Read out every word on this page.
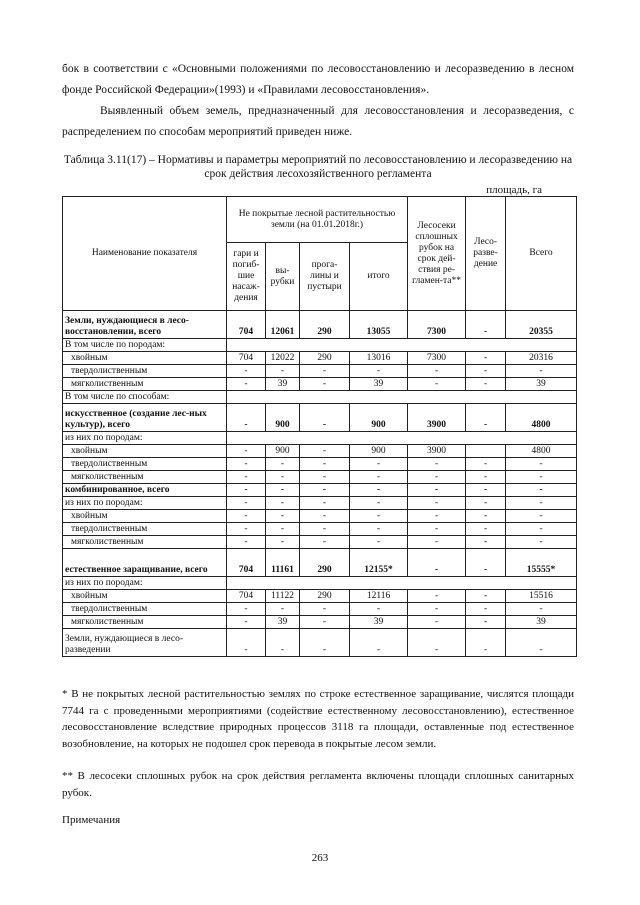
бок в соответствии с «Основными положениями по лесовосстановлению и лесоразведению в лесном фонде Российской Федерации»(1993) и «Правилами лесовосстановления».

Выявленный объем земель, предназначенный для лесовосстановления и лесоразведения, с распределением по способам мероприятий приведен ниже.

Таблица 3.11(17) – Нормативы и параметры мероприятий по лесовосстановлению и лесоразведению на срок действия лесохозяйственного регламента

площадь, га
Наименование показателя	Не покрытые лесной растительностью земли (на 01.01.2018г.)				Лесосеки сплошных рубок на срок дей-ствия ре-гламен-та**	Лесо-разве-дение	Всего
	гари и погиб-шие насаж-дения	вы-рубки	прога-лины и пустыри	итого			
Земли, нуждающиеся в лесо-восстановлении, всего	704	12061	290	13055	7300	-	20355
В том числе по породам:							
хвойным	704	12022	290	13016	7300	-	20316
твердолиственным	-	-	-	-	-	-	-
мягколиственным	-	39	-	39	-	-	39
В том числе по способам:							
искусственное (создание лес-ных культур), всего	-	900	-	900	3900	-	4800
из них по породам:							
хвойным	-	900	-	900	3900		4800
твердолиственным	-	-	-	-	-	-	-
мягколиственным	-	-	-	-	-	-	-
комбинированное, всего	-	-	-	-	-	-	-
из них по породам:	-	-	-	-	-	-	-
хвойным	-	-	-	-	-	-	-
твердолиственным	-	-	-	-	-	-	-
мягколиственным	-	-	-	-	-	-	-
естественное заращивание, всего	704	11161	290	12155*	-	-	15555*
из них по породам:							
хвойным	704	11122	290	12116	-	-	15516
твердолиственным	-	-	-	-	-	-	-
мягколиственным	-	39	-	39	-	-	39
Земли, нуждающиеся в лесо-разведении	-	-	-	-	-	-	-

* В не покрытых лесной растительностью землях по строке естественное заращивание, числятся площади 7744 га с проведенными мероприятиями (содействие естественному лесовосстановлению), естественное лесовосстановление вследствие природных процессов 3118 га площади, оставленные под естественное возобновление, на которых не подошел срок перевода в покрытые лесом земли.

** В лесосеки сплошных рубок на срок действия регламента включены площади сплошных санитарных рубок.

Примечания

263
